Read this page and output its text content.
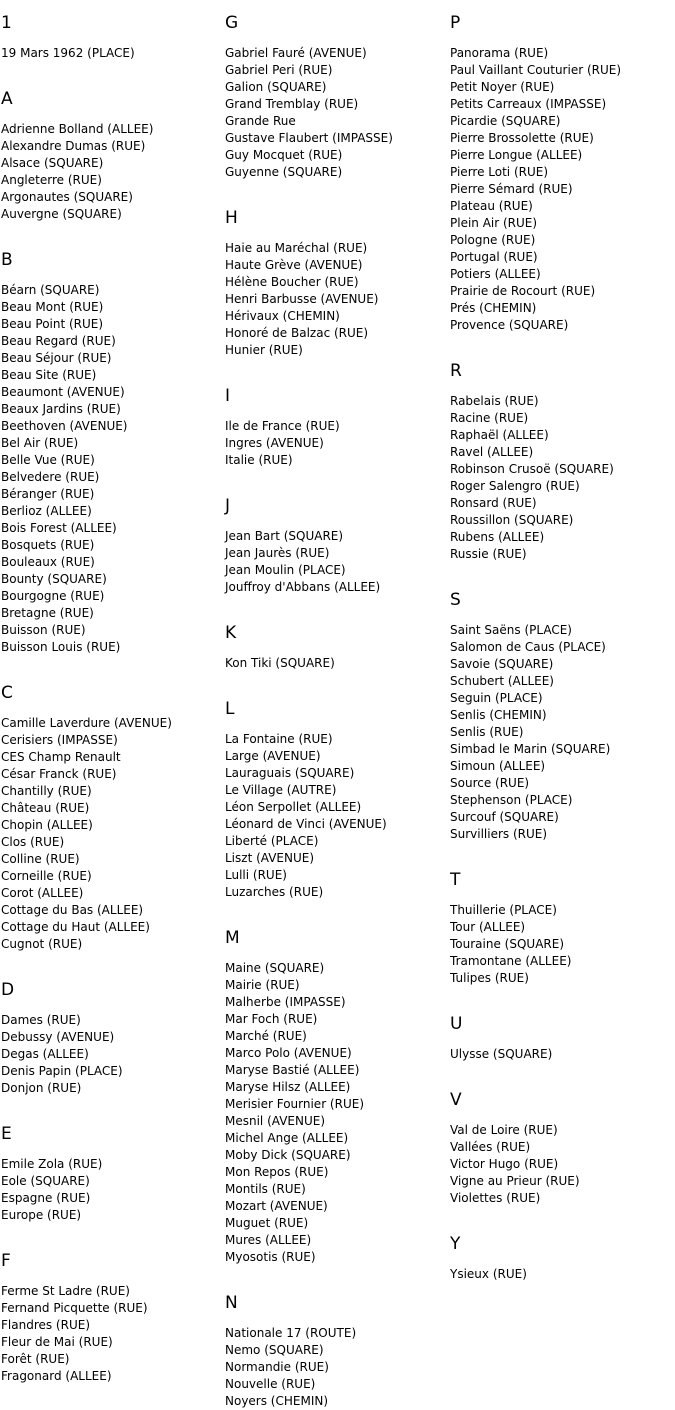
1
19 Mars 1962 (PLACE)
A
Adrienne Bolland (ALLEE)
Alexandre Dumas (RUE)
Alsace (SQUARE)
Angleterre (RUE)
Argonautes (SQUARE)
Auvergne (SQUARE)
B
Béarn (SQUARE)
Beau Mont (RUE)
Beau Point (RUE)
Beau Regard (RUE)
Beau Séjour (RUE)
Beau Site (RUE)
Beaumont (AVENUE)
Beaux Jardins (RUE)
Beethoven (AVENUE)
Bel Air (RUE)
Belle Vue (RUE)
Belvedere (RUE)
Béranger (RUE)
Berlioz (ALLEE)
Bois Forest (ALLEE)
Bosquets (RUE)
Bouleaux (RUE)
Bounty (SQUARE)
Bourgogne (RUE)
Bretagne (RUE)
Buisson (RUE)
Buisson Louis (RUE)
C
Camille Laverdure (AVENUE)
Cerisiers (IMPASSE)
CES Champ Renault
César Franck (RUE)
Chantilly (RUE)
Château (RUE)
Chopin (ALLEE)
Clos (RUE)
Colline (RUE)
Corneille (RUE)
Corot (ALLEE)
Cottage du Bas (ALLEE)
Cottage du Haut (ALLEE)
Cugnot (RUE)
D
Dames (RUE)
Debussy (AVENUE)
Degas (ALLEE)
Denis Papin (PLACE)
Donjon (RUE)
E
Emile Zola (RUE)
Eole (SQUARE)
Espagne (RUE)
Europe (RUE)
F
Ferme St Ladre (RUE)
Fernand Picquette (RUE)
Flandres (RUE)
Fleur de Mai (RUE)
Forêt (RUE)
Fragonard (ALLEE)
G
Gabriel Fauré (AVENUE)
Gabriel Peri (RUE)
Galion (SQUARE)
Grand Tremblay (RUE)
Grande Rue
Gustave Flaubert (IMPASSE)
Guy Mocquet (RUE)
Guyenne (SQUARE)
H
Haie au Maréchal (RUE)
Haute Grève (AVENUE)
Hélène Boucher (RUE)
Henri Barbusse (AVENUE)
Hérivaux (CHEMIN)
Honoré de Balzac (RUE)
Hunier (RUE)
I
Ile de France (RUE)
Ingres (AVENUE)
Italie (RUE)
J
Jean Bart (SQUARE)
Jean Jaurès (RUE)
Jean Moulin (PLACE)
Jouffroy d'Abbans (ALLEE)
K
Kon Tiki (SQUARE)
L
La Fontaine (RUE)
Large (AVENUE)
Lauraguais (SQUARE)
Le Village (AUTRE)
Léon Serpollet (ALLEE)
Léonard de Vinci (AVENUE)
Liberté (PLACE)
Liszt (AVENUE)
Lulli (RUE)
Luzarches (RUE)
M
Maine (SQUARE)
Mairie (RUE)
Malherbe (IMPASSE)
Mar Foch (RUE)
Marché (RUE)
Marco Polo (AVENUE)
Maryse Bastié (ALLEE)
Maryse Hilsz (ALLEE)
Merisier Fournier (RUE)
Mesnil (AVENUE)
Michel Ange (ALLEE)
Moby Dick (SQUARE)
Mon Repos (RUE)
Montils (RUE)
Mozart (AVENUE)
Muguet (RUE)
Mures (ALLEE)
Myosotis (RUE)
N
Nationale 17 (ROUTE)
Nemo (SQUARE)
Normandie (RUE)
Nouvelle (RUE)
Noyers (CHEMIN)
P
Panorama (RUE)
Paul Vaillant Couturier (RUE)
Petit Noyer (RUE)
Petits Carreaux (IMPASSE)
Picardie (SQUARE)
Pierre Brossolette (RUE)
Pierre Longue (ALLEE)
Pierre Loti (RUE)
Pierre Sémard (RUE)
Plateau (RUE)
Plein Air (RUE)
Pologne (RUE)
Portugal (RUE)
Potiers (ALLEE)
Prairie de Rocourt (RUE)
Prés (CHEMIN)
Provence (SQUARE)
R
Rabelais (RUE)
Racine (RUE)
Raphaël (ALLEE)
Ravel (ALLEE)
Robinson Crusoë (SQUARE)
Roger Salengro (RUE)
Ronsard (RUE)
Roussillon (SQUARE)
Rubens (ALLEE)
Russie (RUE)
S
Saint Saëns (PLACE)
Salomon de Caus (PLACE)
Savoie (SQUARE)
Schubert (ALLEE)
Seguin (PLACE)
Senlis (CHEMIN)
Senlis (RUE)
Simbad le Marin (SQUARE)
Simoun (ALLEE)
Source (RUE)
Stephenson (PLACE)
Surcouf (SQUARE)
Survilliers (RUE)
T
Thuillerie (PLACE)
Tour (ALLEE)
Touraine (SQUARE)
Tramontane (ALLEE)
Tulipes (RUE)
U
Ulysse (SQUARE)
V
Val de Loire (RUE)
Vallées (RUE)
Victor Hugo (RUE)
Vigne au Prieur (RUE)
Violettes (RUE)
Y
Ysieux (RUE)
